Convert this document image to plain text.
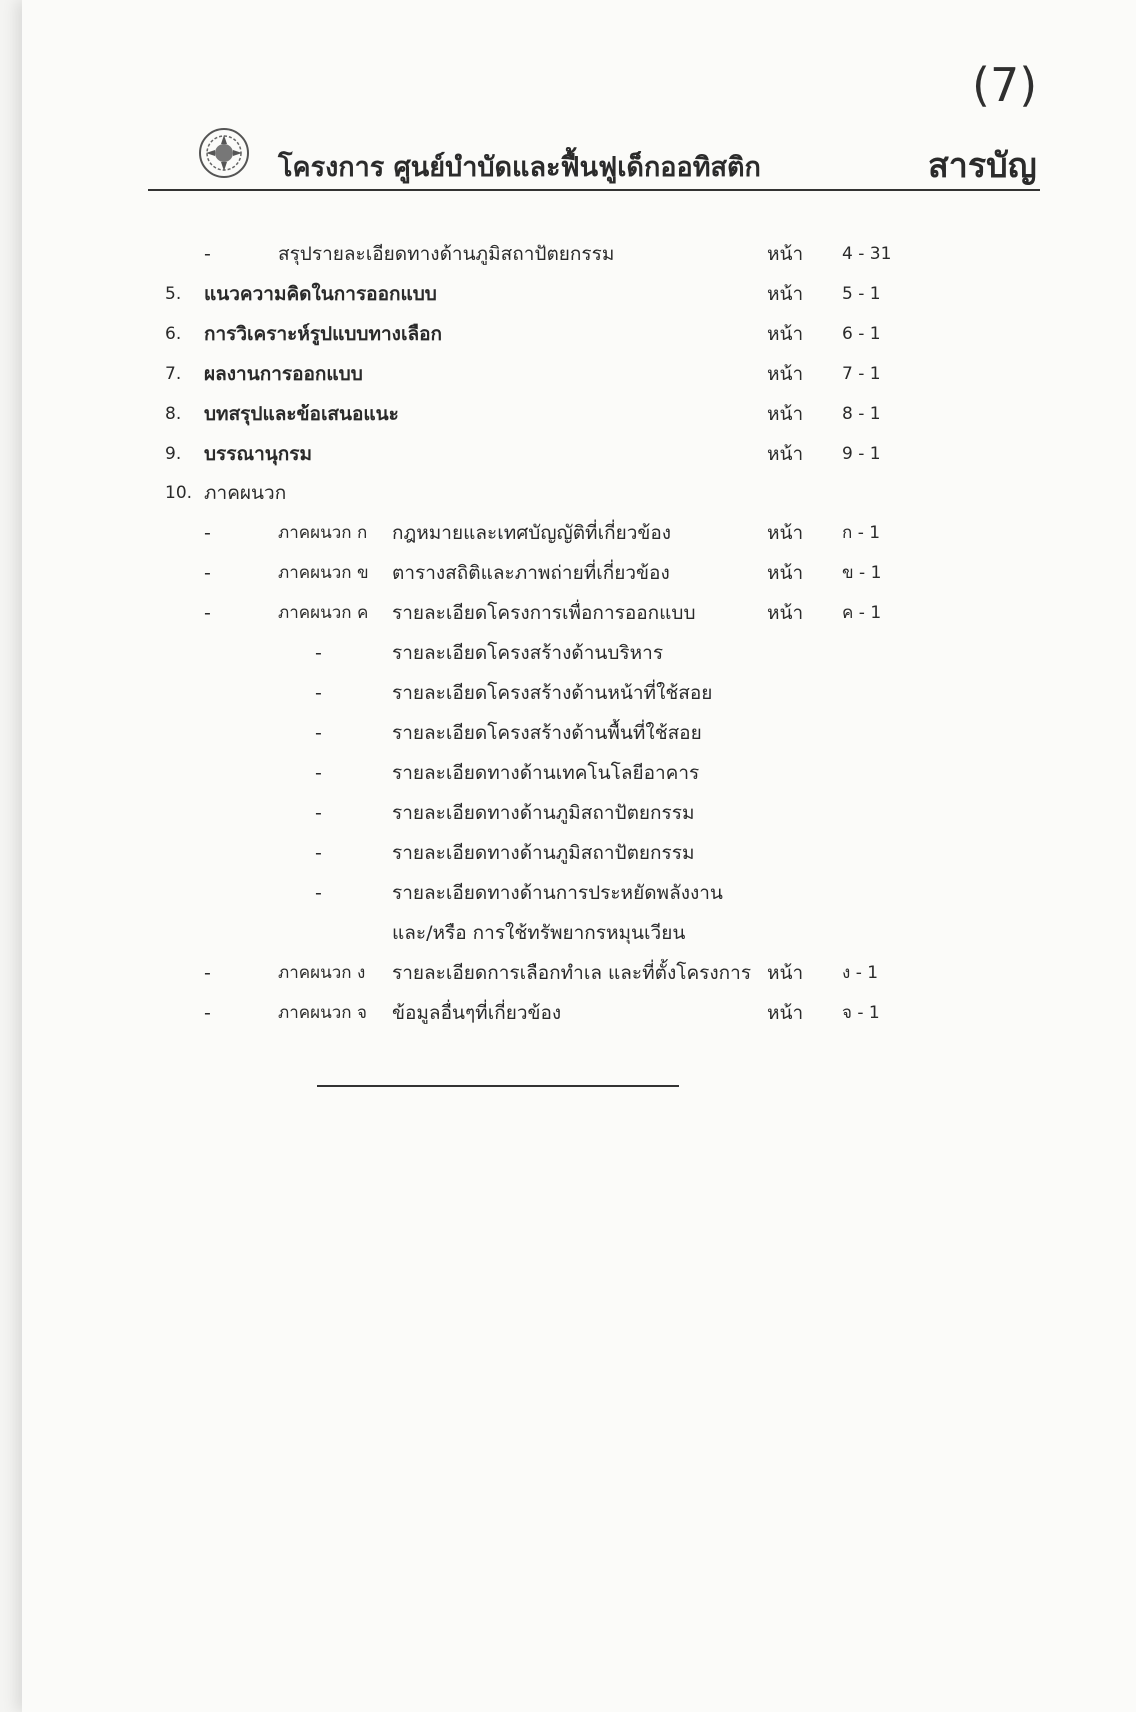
(7)
โครงการ ศูนย์บำบัดและฟื้นฟูเด็กออทิสติก	สารบัญ
-	สรุปรายละเอียดทางด้านภูมิสถาปัตยกรรม	หน้า 4 - 31
5. แนวความคิดในการออกแบบ	หน้า 5 - 1
6. การวิเคราะห์รูปแบบทางเลือก	หน้า 6 - 1
7. ผลงานการออกแบบ	หน้า 7 - 1
8. บทสรุปและข้อเสนอแนะ	หน้า 8 - 1
9. บรรณานุกรม	หน้า 9 - 1
10. ภาคผนวก
-	ภาคผนวก ก กฎหมายและเทศบัญญัติที่เกี่ยวข้อง	หน้า ก - 1
-	ภาคผนวก ข ตารางสถิติและภาพถ่ายที่เกี่ยวข้อง	หน้า ข - 1
-	ภาคผนวก ค รายละเอียดโครงการเพื่อการออกแบบ	หน้า ค - 1
-	รายละเอียดโครงสร้างด้านบริหาร
-	รายละเอียดโครงสร้างด้านหน้าที่ใช้สอย
-	รายละเอียดโครงสร้างด้านพื้นที่ใช้สอย
-	รายละเอียดทางด้านเทคโนโลยีอาคาร
-	รายละเอียดทางด้านภูมิสถาปัตยกรรม
-	รายละเอียดทางด้านภูมิสถาปัตยกรรม
-	รายละเอียดทางด้านการประหยัดพลังงาน
และ/หรือ การใช้ทรัพยากรหมุนเวียน
-	ภาคผนวก ง รายละเอียดการเลือกทำเล และที่ตั้งโครงการ หน้า ง - 1
-	ภาคผนวก จ ข้อมูลอื่นๆที่เกี่ยวข้อง	หน้า จ - 1
